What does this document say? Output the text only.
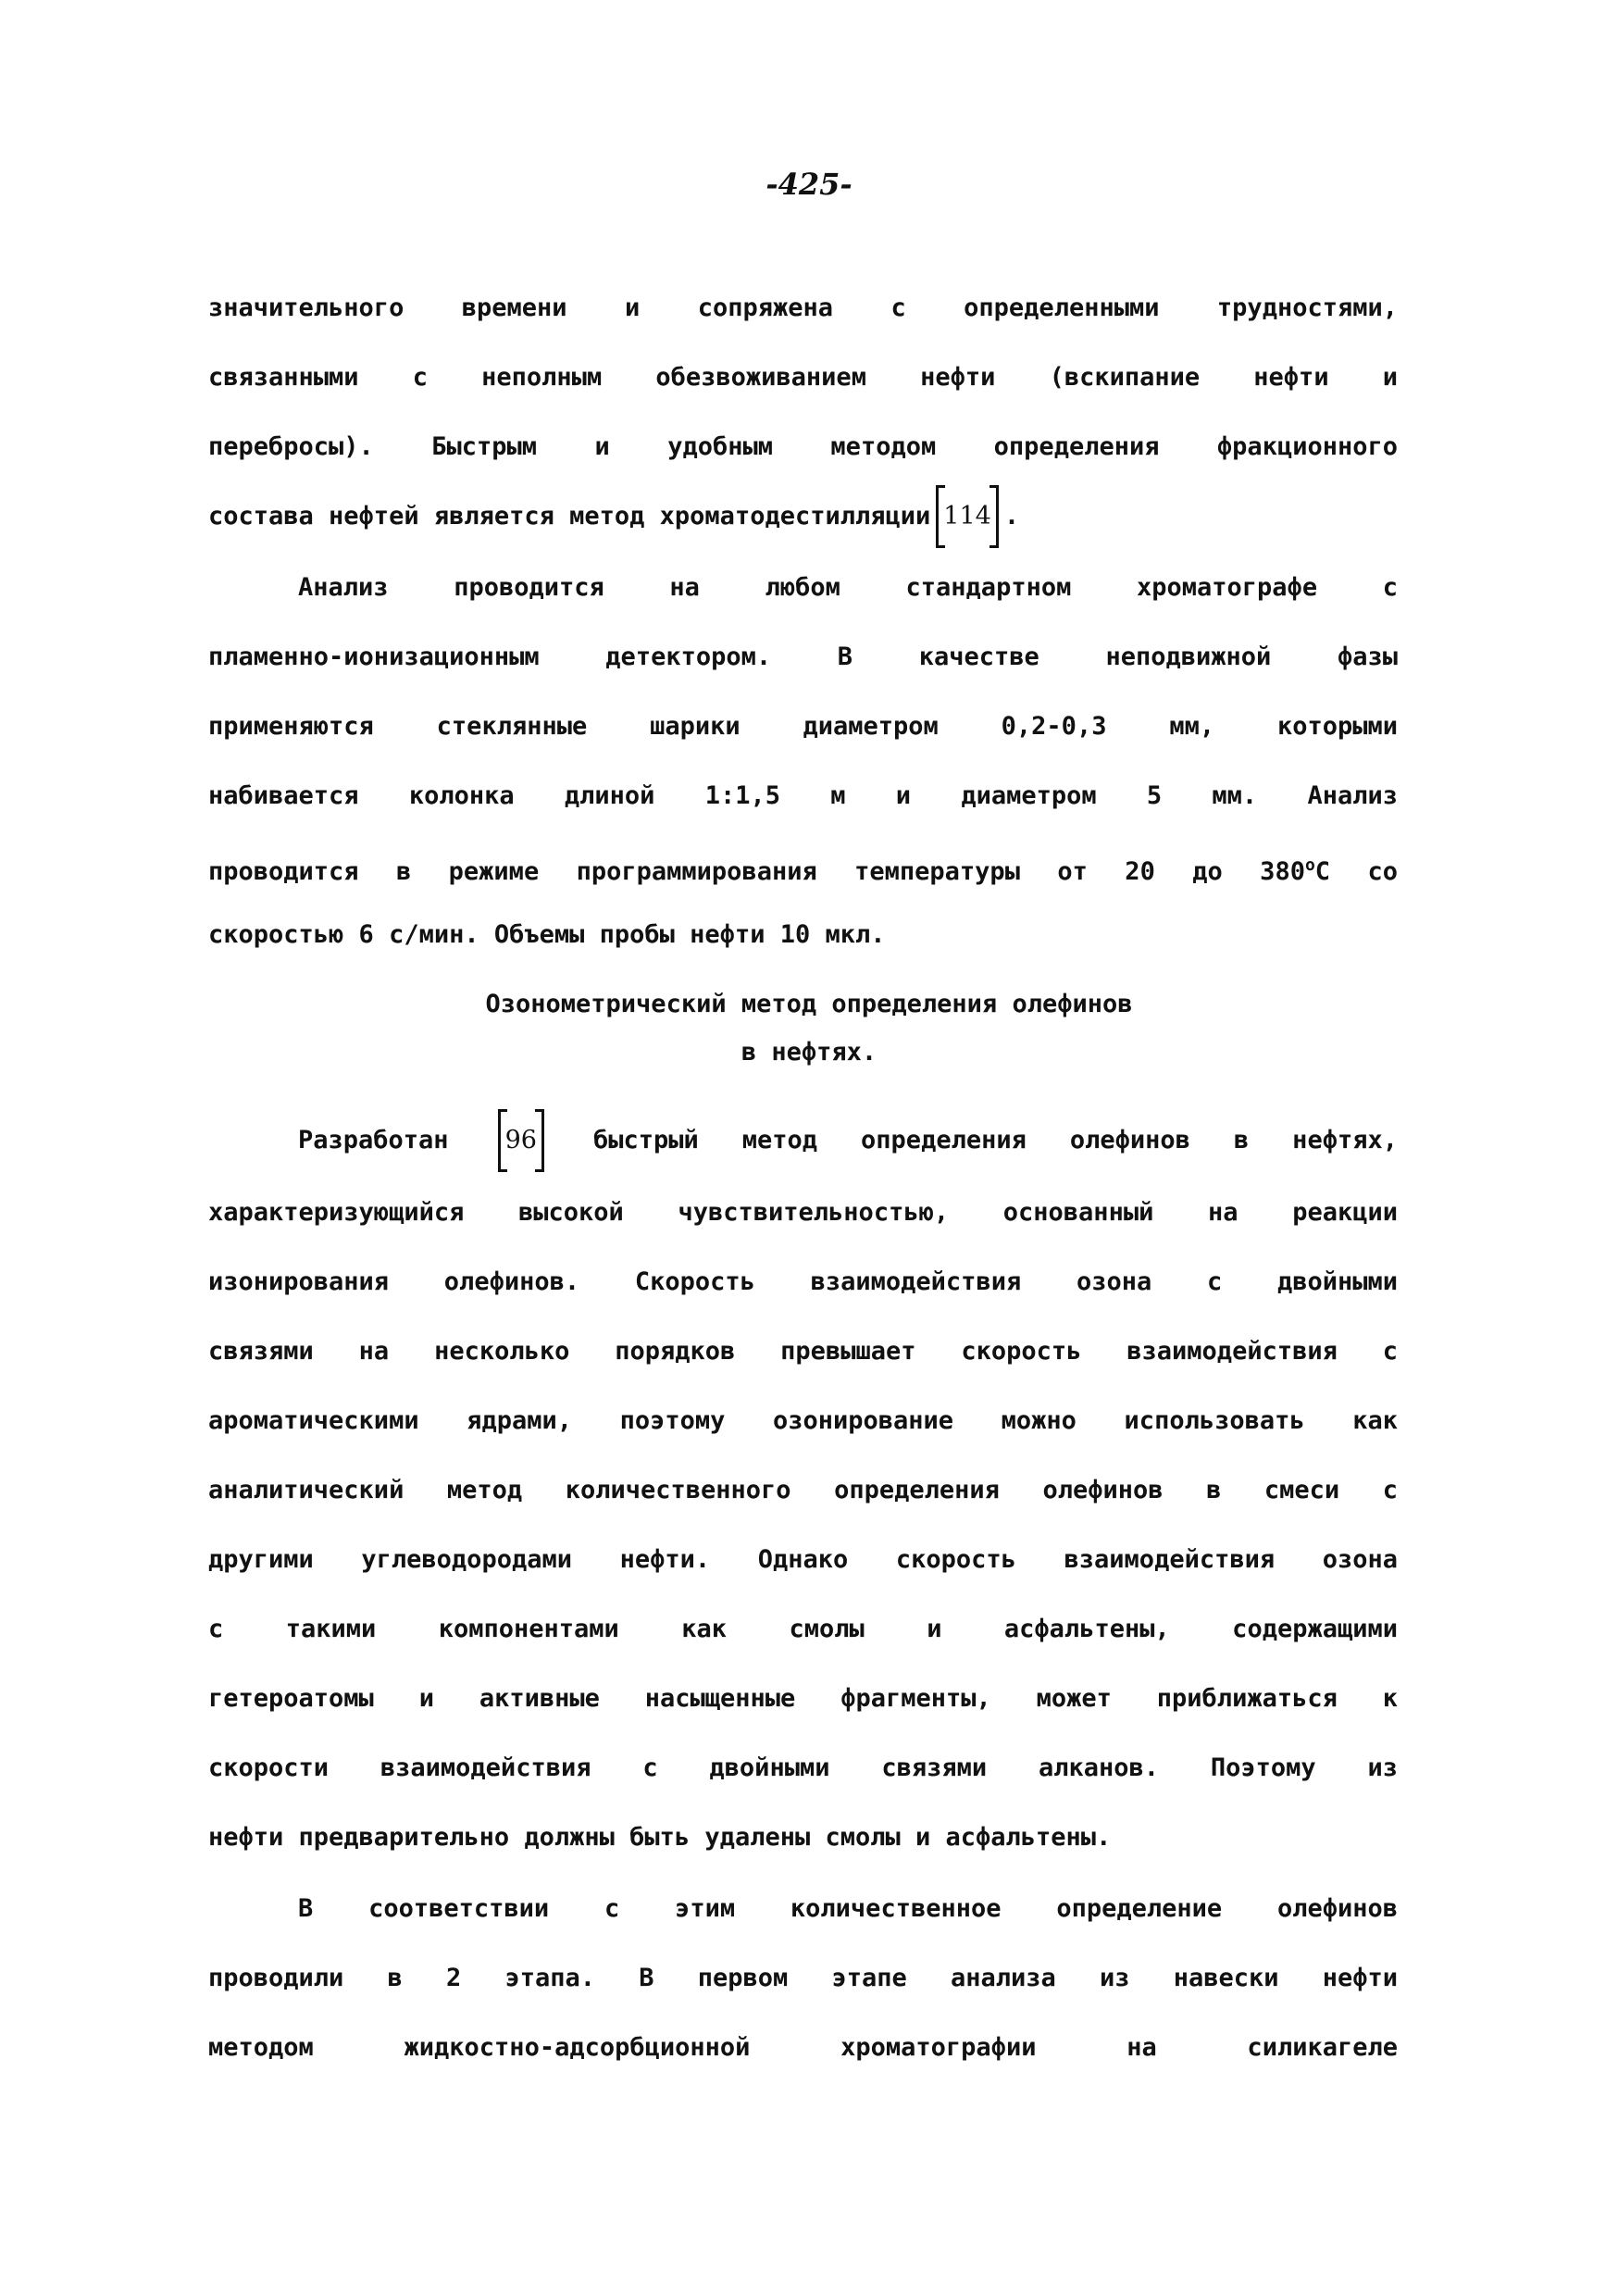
-425-
значительного времени и сопряжена с определенными трудностями,
связанными с неполным обезвоживанием нефти (вскипание нефти и
перебросы). Быстрым и удобным методом определения фракционного
состава нефтей является метод хроматодестилляции 114 .
Анализ проводится на любом стандартном хроматографе с
пламенно-ионизационным детектором. В качестве неподвижной фазы
применяются стеклянные шарики диаметром 0,2-0,3 мм, которыми
набивается колонка длиной 1:1,5 м и диаметром 5 мм. Анализ
проводится в режиме программирования температуры от 20 до 380$^o$С со
скоростью 6 с/мин. Объемы пробы нефти 10 мкл.
Озонометрический метод определения олефинов
в нефтях.
Разработан 96 быстрый метод определения олефинов в нефтях,
характеризующийся высокой чувствительностью, основанный на реакции
изонирования олефинов. Скорость взаимодействия озона с двойными
связями на несколько порядков превышает скорость взаимодействия с
ароматическими ядрами, поэтому озонирование можно использовать как
аналитический метод количественного определения олефинов в смеси с
другими углеводородами нефти. Однако скорость взаимодействия озона
с такими компонентами как смолы и асфальтены, содержащими
гетероатомы и активные насыщенные фрагменты, может приближаться к
скорости взаимодействия с двойными связями алканов. Поэтому из
нефти предварительно должны быть удалены смолы и асфальтены.
В соответствии с этим количественное определение олефинов
проводили в 2 этапа. В первом этапе анализа из навески нефти
методом жидкостно-адсорбционной хроматографии на силикагеле
